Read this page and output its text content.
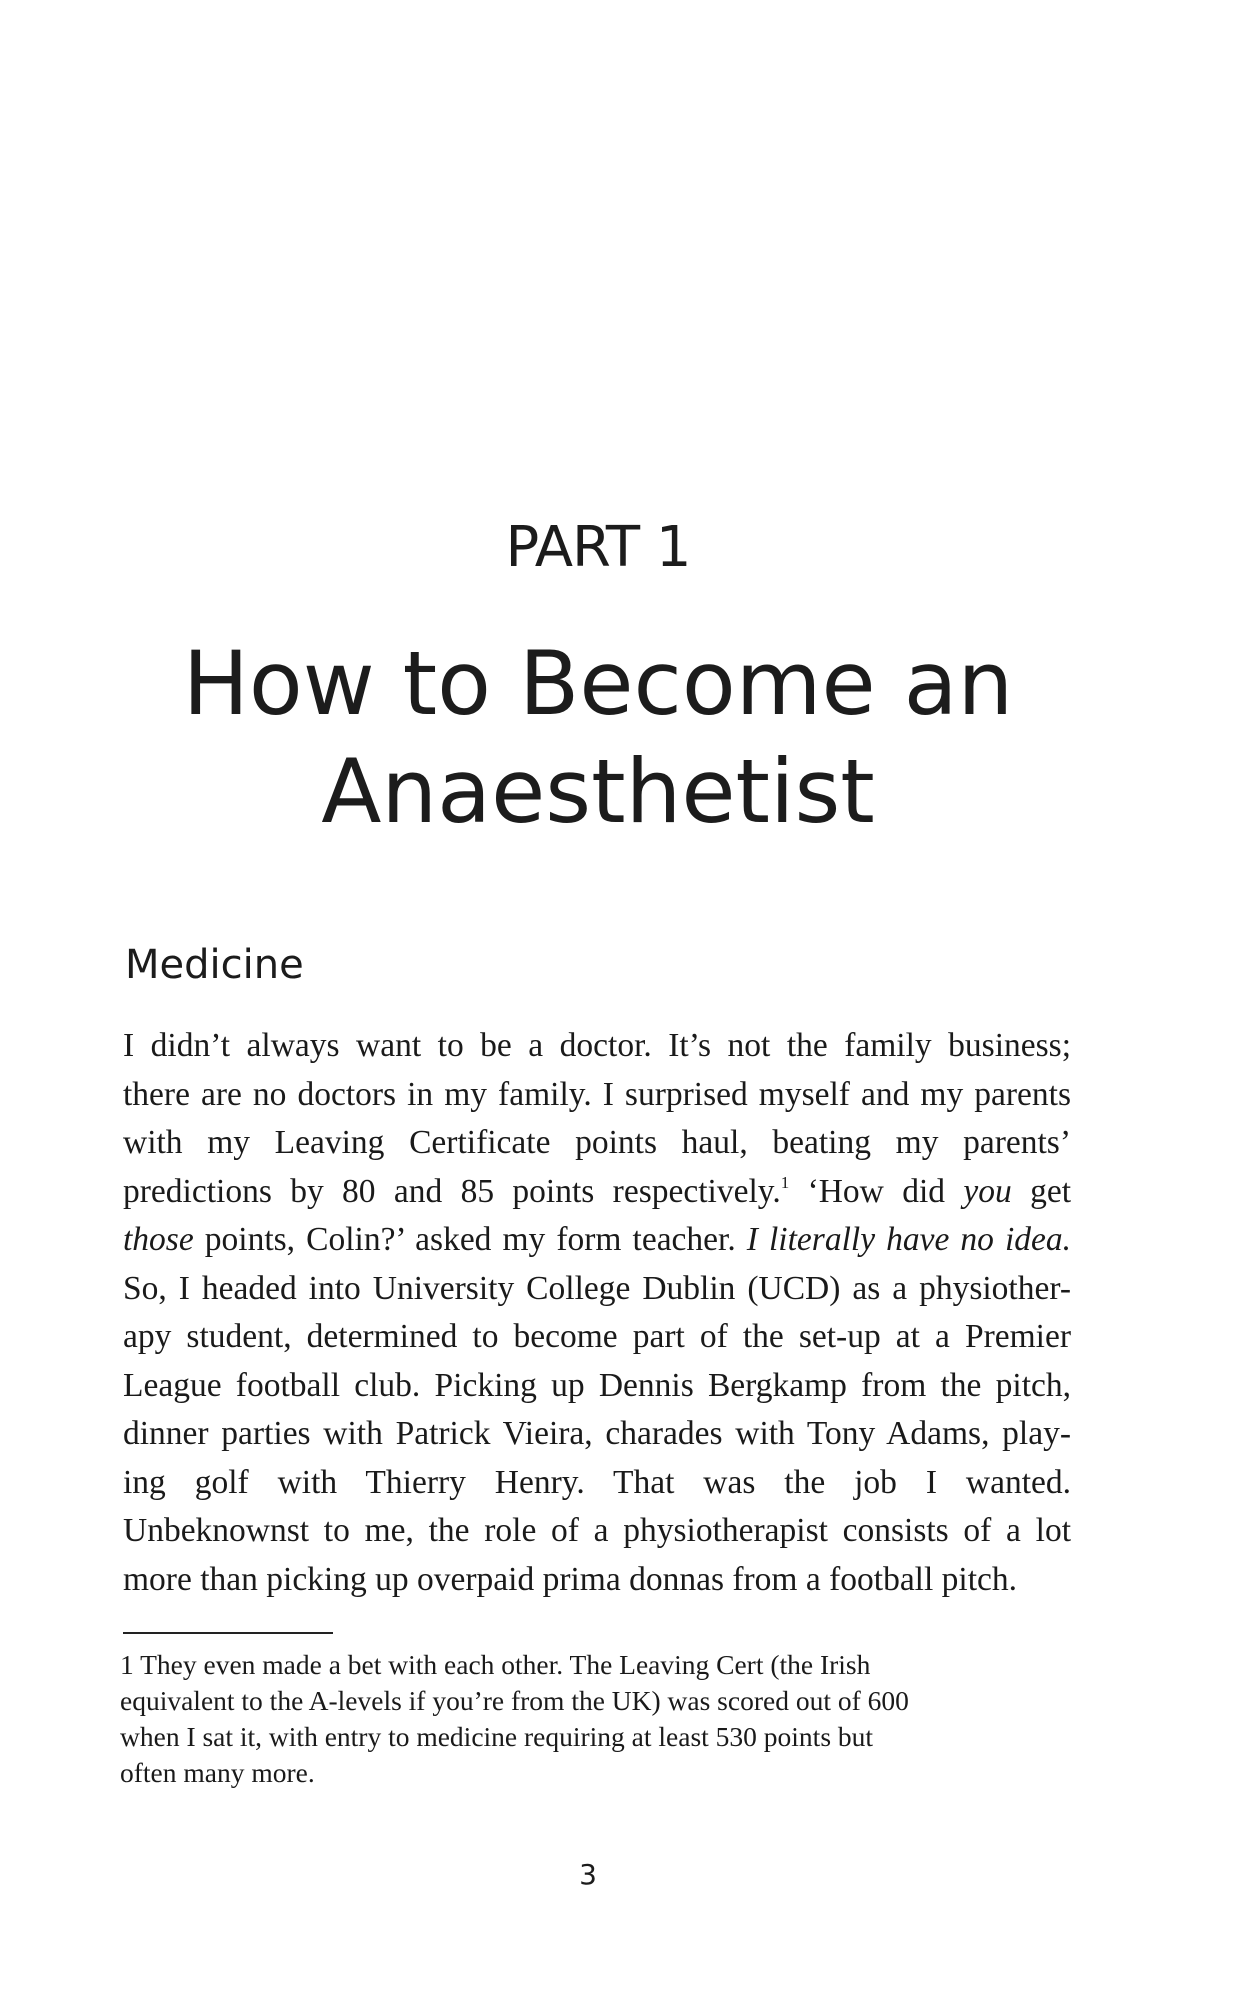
PART 1
How to Become an
Anaesthetist
Medicine
I didn’t always want to be a doctor. It’s not the family business;
there are no doctors in my family. I surprised myself and my parents
with my Leaving Certificate points haul, beating my parents’
predictions by 80 and 85 points respectively.$^1$ ‘How did you get
those points, Colin?’ asked my form teacher. I literally have no idea.
So, I headed into University College Dublin (UCD) as a physiother-
apy student, determined to become part of the set-up at a Premier
League football club. Picking up Dennis Bergkamp from the pitch,
dinner parties with Patrick Vieira, charades with Tony Adams, play-
ing golf with Thierry Henry. That was the job I wanted.
Unbeknownst to me, the role of a physiotherapist consists of a lot
more than picking up overpaid prima donnas from a football pitch.
1 They even made a bet with each other. The Leaving Cert (the Irish
equivalent to the A-levels if you’re from the UK) was scored out of 600
when I sat it, with entry to medicine requiring at least 530 points but
often many more.
3
